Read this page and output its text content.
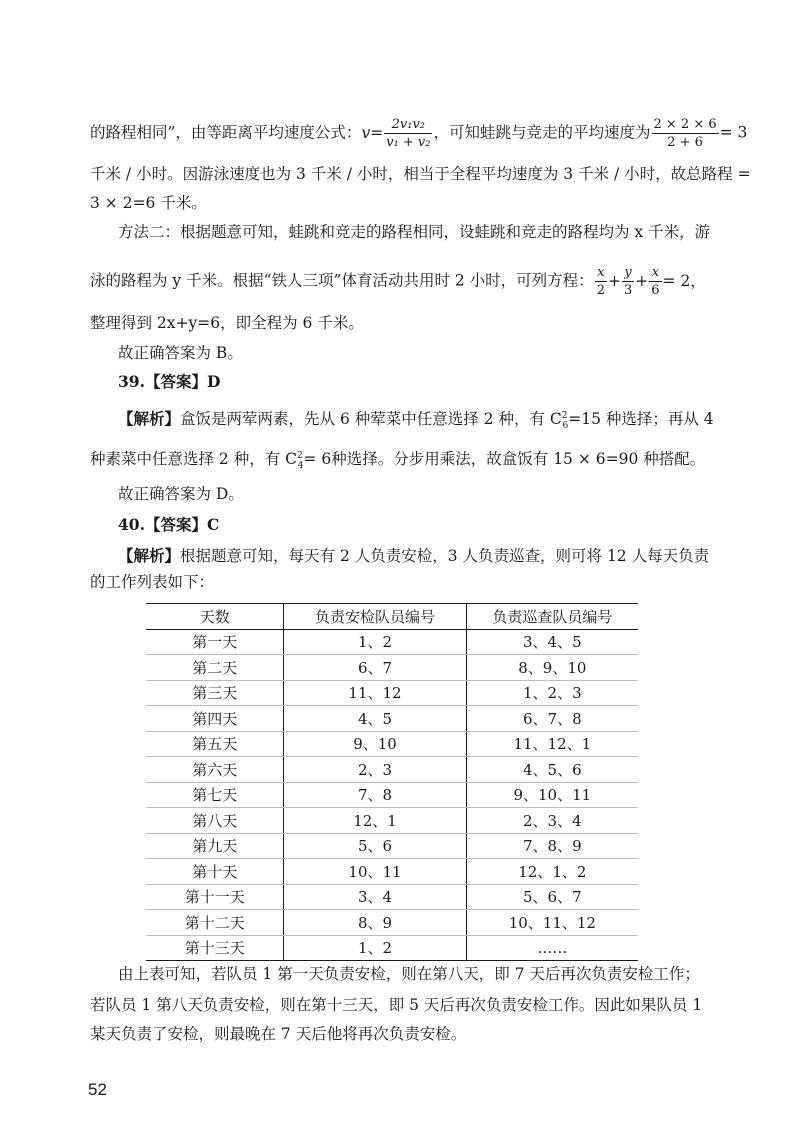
的路程相同”，由等距离平均速度公式：$v= \frac{\text{2v₁v₂}}{\text{v₁ + v₂}}$ ，可知蛙跳与竞走的平均速度为 $\frac{2 \times 2 \times 6}{2 + 6} = 3$
千米 / 小时。因游泳速度也为 3 千米 / 小时，相当于全程平均速度为 3 千米 / 小时，故总路程 =
3 × 2=6 千米。
方法二：根据题意可知，蛙跳和竞走的路程相同，设蛙跳和竞走的路程均为 x 千米，游
泳的路程为 y 千米。根据“铁人三项”体育活动共用时 2 小时，可列方程： $\frac{x}{2} + \frac{y}{3} + \frac{x}{6} = 2$，
整理得到 2x+y=6，即全程为 6 千米。
故正确答案为 B。
39.【答案】D
【解析】盒饭是两荤两素，先从 6 种荤菜中任意选择 2 种，有 $C^2_6=15$ 种选择；再从 4
种素菜中任意选择 2 种，有 $C^2_4= 6$种选择。分步用乘法，故盒饭有 15 × 6=90 种搭配。
故正确答案为 D。
40.【答案】C
【解析】根据题意可知，每天有 2 人负责安检，3 人负责巡查，则可将 12 人每天负责
的工作列表如下：
天数	负责安检队员编号	负责巡查队员编号
第一天	1、2	3、4、5
第二天	6、7	8、9、10
第三天	11、12	1、2、3
第四天	4、5	6、7、8
第五天	9、10	11、12、1
第六天	2、3	4、5、6
第七天	7、8	9、10、11
第八天	12、1	2、3、4
第九天	5、6	7、8、9
第十天	10、11	12、1、2
第十一天	3、4	5、6、7
第十二天	8、9	10、11、12
第十三天	1、2	……
由上表可知，若队员 1 第一天负责安检，则在第八天，即 7 天后再次负责安检工作；
若队员 1 第八天负责安检，则在第十三天，即 5 天后再次负责安检工作。因此如果队员 1
某天负责了安检，则最晚在 7 天后他将再次负责安检。
52
